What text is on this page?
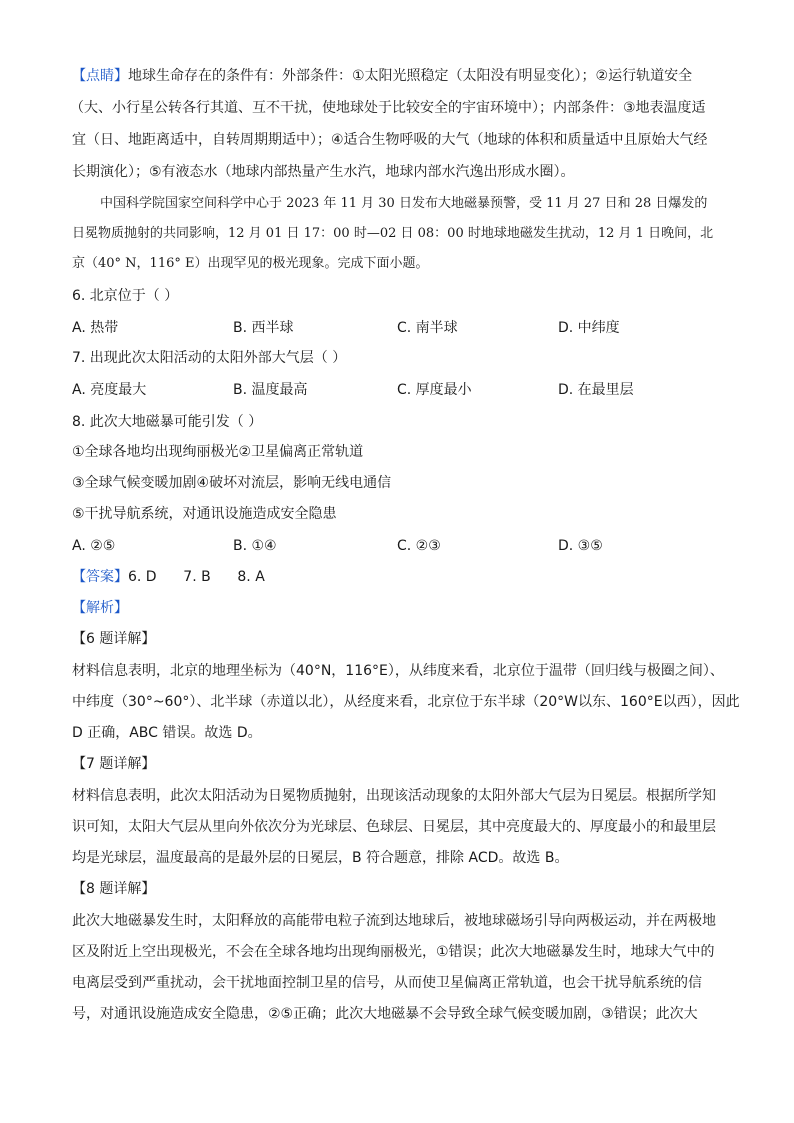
【点睛】地球生命存在的条件有：外部条件：①太阳光照稳定（太阳没有明显变化）；②运行轨道安全
（大、小行星公转各行其道、互不干扰，使地球处于比较安全的宇宙环境中）；内部条件：③地表温度适
宜（日、地距离适中，自转周期期适中）；④适合生物呼吸的大气（地球的体积和质量适中且原始大气经
长期演化）；⑤有液态水（地球内部热量产生水汽，地球内部水汽逸出形成水圈）。
中国科学院国家空间科学中心于 2023 年 11 月 30 日发布大地磁暴预警，受 11 月 27 日和 28 日爆发的
日冕物质抛射的共同影响，12 月 01 日 17：00 时—02 日 08：00 时地球地磁发生扰动，12 月 1 日晚间，北
京（40° N，116° E）出现罕见的极光现象。完成下面小题。
6. 北京位于（ ）
A. 热带	B. 西半球	C. 南半球	D. 中纬度
7. 出现此次太阳活动的太阳外部大气层（ ）
A. 亮度最大	B. 温度最高	C. 厚度最小	D. 在最里层
8. 此次大地磁暴可能引发（ ）
①全球各地均出现绚丽极光②卫星偏离正常轨道
③全球气候变暖加剧④破坏对流层，影响无线电通信
⑤干扰导航系统，对通讯设施造成安全隐患
A. ②⑤	B. ①④	C. ②③	D. ③⑤
【答案】6. D      7. B      8. A
【解析】
【6 题详解】
材料信息表明，北京的地理坐标为（40°N，116°E），从纬度来看，北京位于温带（回归线与极圈之间）、
中纬度（30°~60°）、北半球（赤道以北），从经度来看，北京位于东半球（20°W以东、160°E以西），因此
D 正确，ABC 错误。故选 D。
【7 题详解】
材料信息表明，此次太阳活动为日冕物质抛射，出现该活动现象的太阳外部大气层为日冕层。根据所学知
识可知，太阳大气层从里向外依次分为光球层、色球层、日冕层，其中亮度最大的、厚度最小的和最里层
均是光球层，温度最高的是最外层的日冕层，B 符合题意，排除 ACD。故选 B。
【8 题详解】
此次大地磁暴发生时，太阳释放的高能带电粒子流到达地球后，被地球磁场引导向两极运动，并在两极地
区及附近上空出现极光，不会在全球各地均出现绚丽极光，①错误；此次大地磁暴发生时，地球大气中的
电离层受到严重扰动，会干扰地面控制卫星的信号，从而使卫星偏离正常轨道，也会干扰导航系统的信
号，对通讯设施造成安全隐患，②⑤正确；此次大地磁暴不会导致全球气候变暖加剧，③错误；此次大
